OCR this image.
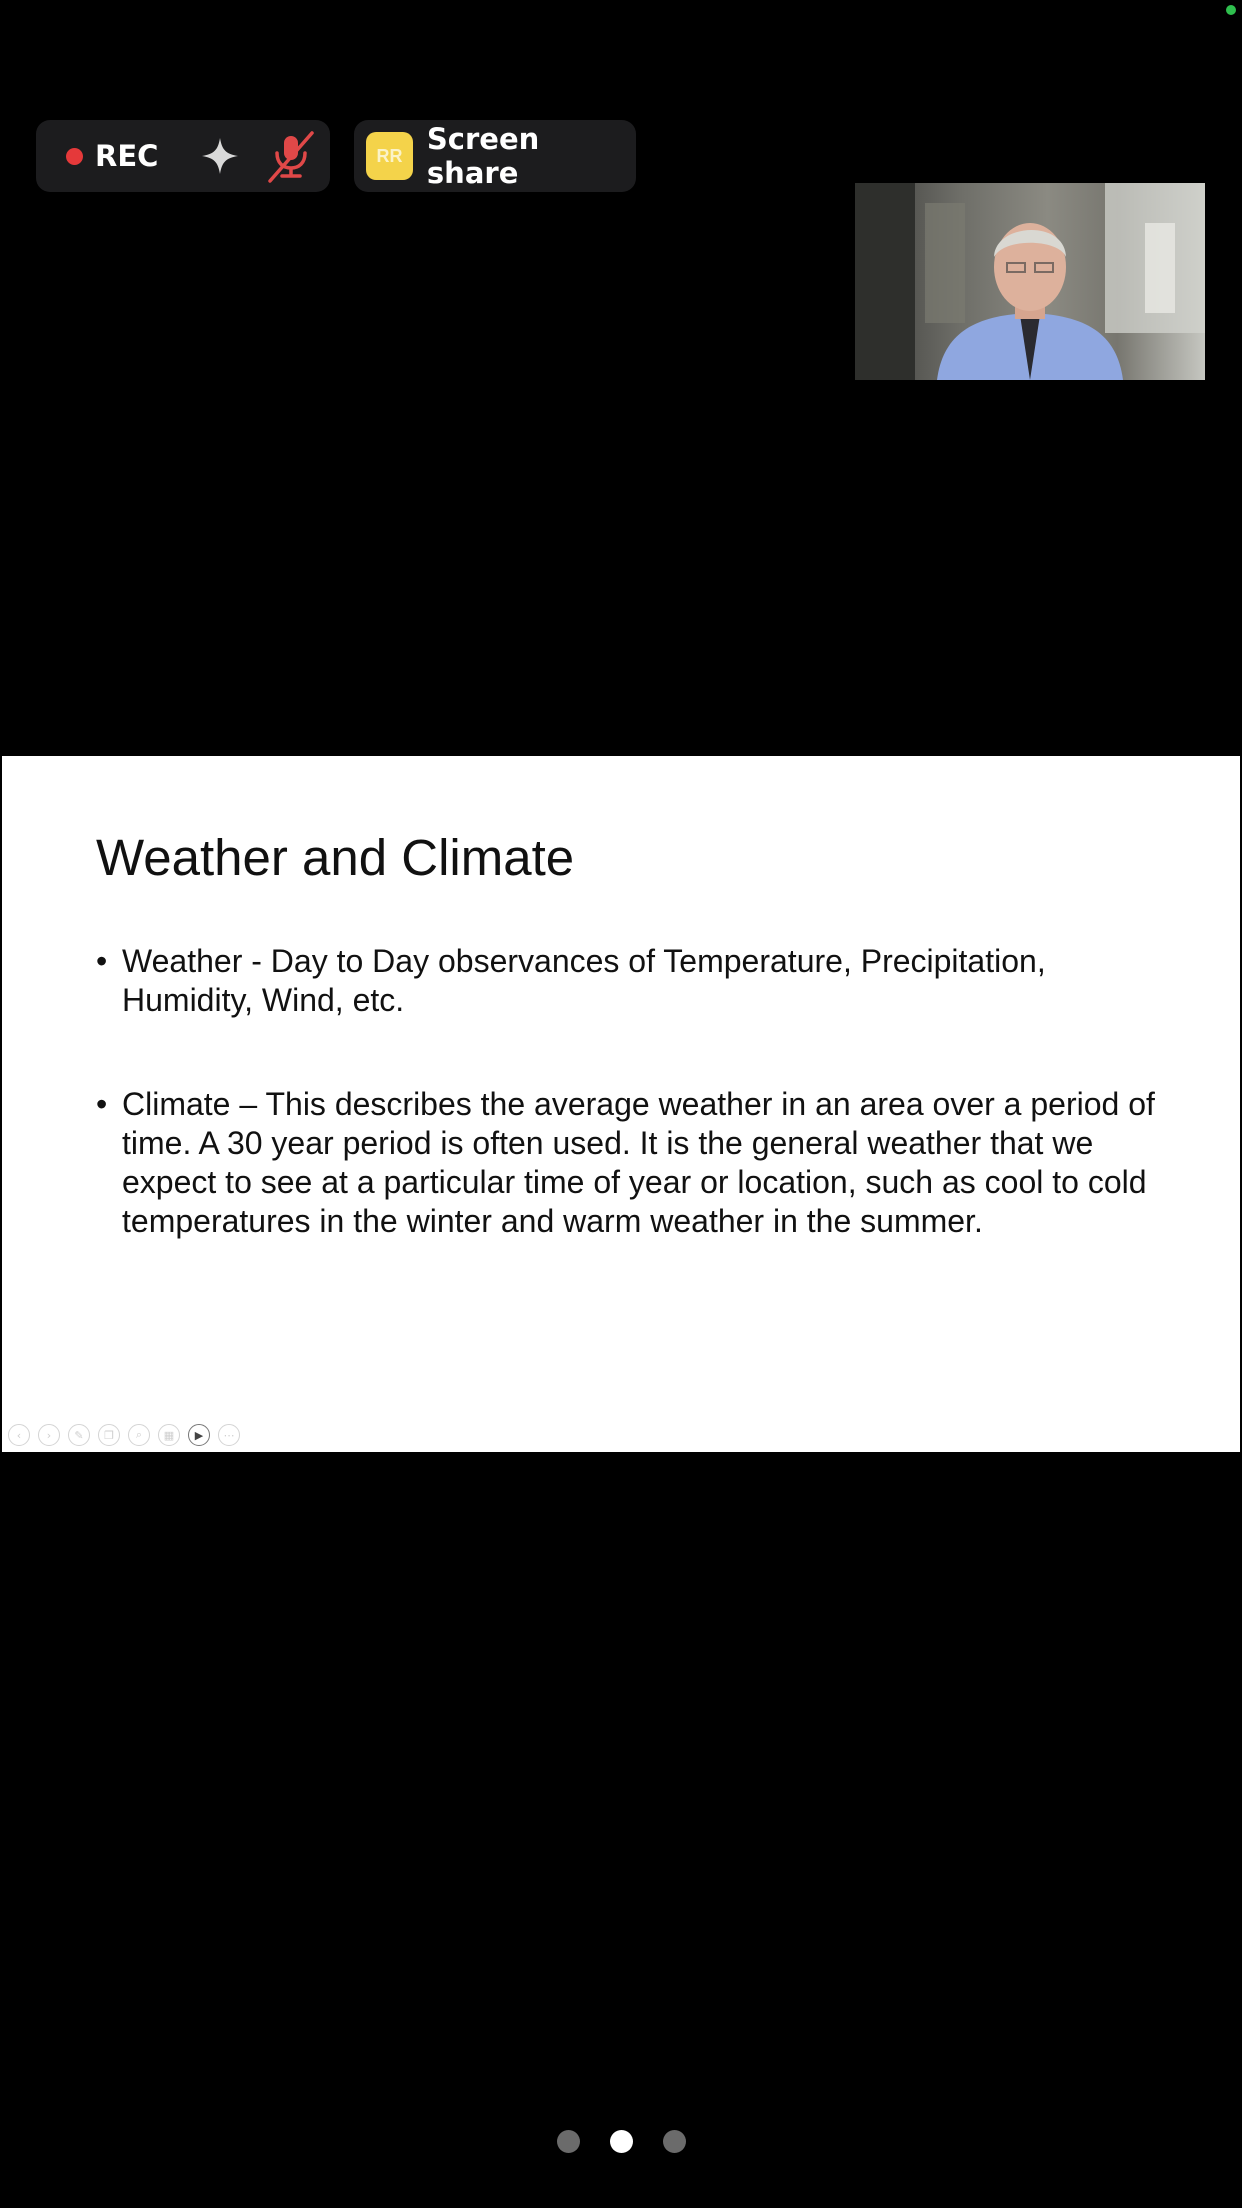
REC	RR Screen share
Weather and Climate
• Weather - Day to Day observances of Temperature, Precipitation, Humidity, Wind, etc.
• Climate – This describes the average weather in an area over a period of time. A 30 year period is often used. It is the general weather that we expect to see at a particular time of year or location, such as cool to cold temperatures in the winter and warm weather in the summer.
‹	›	✎	❐	⌕	▦	▶	⋯
